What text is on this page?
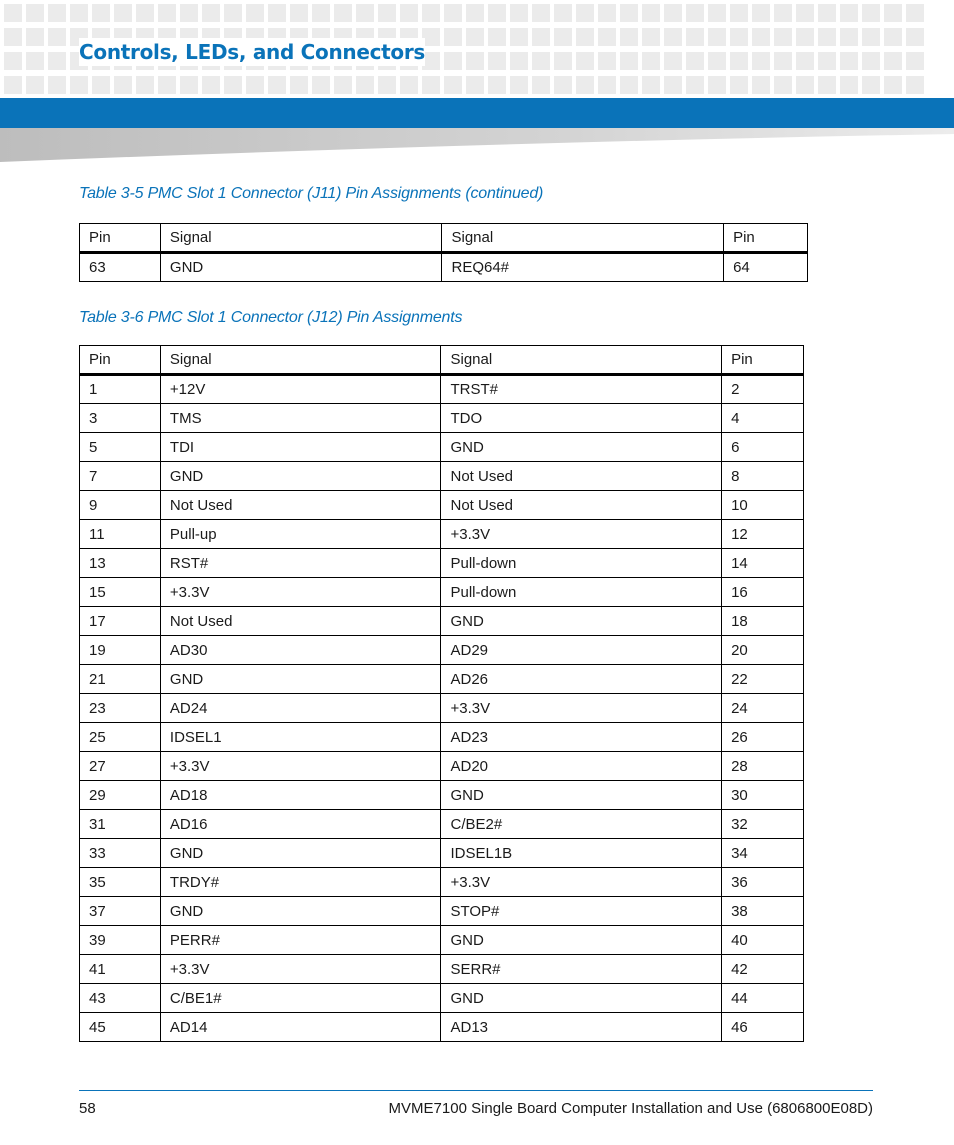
Controls, LEDs, and Connectors

Table 3-5 PMC Slot 1 Connector (J11) Pin Assignments (continued)

Pin	Signal	Signal	Pin
63	GND	REQ64#	64

Table 3-6 PMC Slot 1 Connector (J12) Pin Assignments

Pin	Signal	Signal	Pin
1	+12V	TRST#	2
3	TMS	TDO	4
5	TDI	GND	6
7	GND	Not Used	8
9	Not Used	Not Used	10
11	Pull-up	+3.3V	12
13	RST#	Pull-down	14
15	+3.3V	Pull-down	16
17	Not Used	GND	18
19	AD30	AD29	20
21	GND	AD26	22
23	AD24	+3.3V	24
25	IDSEL1	AD23	26
27	+3.3V	AD20	28
29	AD18	GND	30
31	AD16	C/BE2#	32
33	GND	IDSEL1B	34
35	TRDY#	+3.3V	36
37	GND	STOP#	38
39	PERR#	GND	40
41	+3.3V	SERR#	42
43	C/BE1#	GND	44
45	AD14	AD13	46

58	MVME7100 Single Board Computer Installation and Use (6806800E08D)
